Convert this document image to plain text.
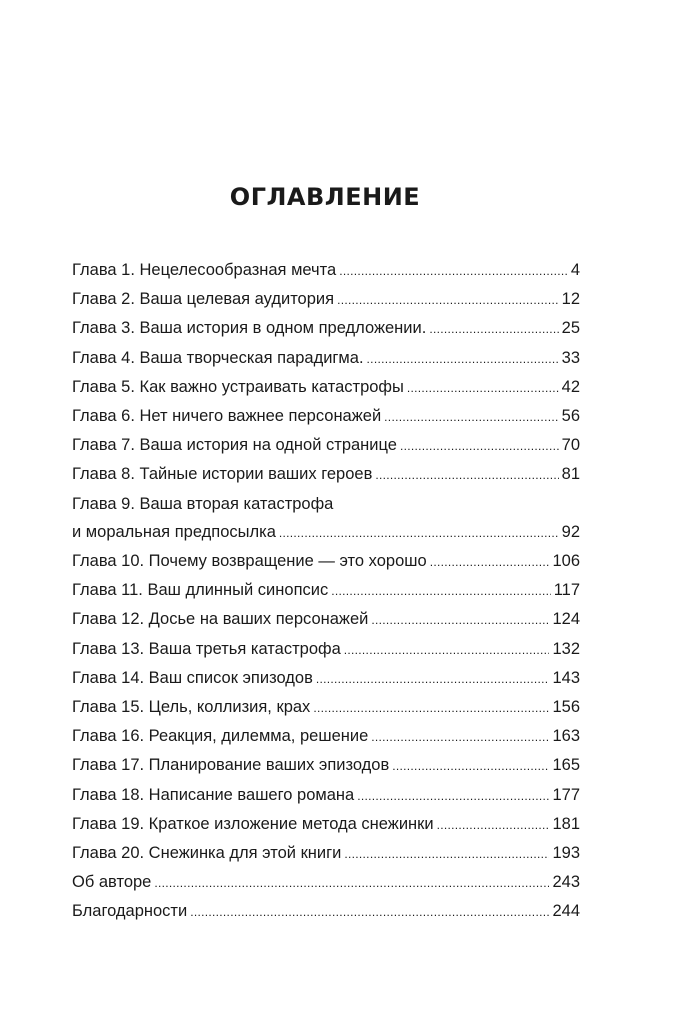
ОГЛАВЛЕНИЕ
Глава 1. Нецелесообразная мечта .....	4
Глава 2. Ваша целевая аудитория .....	12
Глава 3. Ваша история в одном предложении. .....	25
Глава 4. Ваша творческая парадигма. .....	33
Глава 5. Как важно устраивать катастрофы .....	42
Глава 6. Нет ничего важнее персонажей .....	56
Глава 7. Ваша история на одной странице .....	70
Глава 8. Тайные истории ваших героев .....	81
Глава 9. Ваша вторая катастрофа
и моральная предпосылка .....	92
Глава 10. Почему возвращение — это хорошо .....	106
Глава 11. Ваш длинный синопсис .....	117
Глава 12. Досье на ваших персонажей .....	124
Глава 13. Ваша третья катастрофа .....	132
Глава 14. Ваш список эпизодов .....	143
Глава 15. Цель, коллизия, крах .....	156
Глава 16. Реакция, дилемма, решение .....	163
Глава 17. Планирование ваших эпизодов .....	165
Глава 18. Написание вашего романа .....	177
Глава 19. Краткое изложение метода снежинки .....	181
Глава 20. Снежинка для этой книги .....	193
Об авторе .....	243
Благодарности .....	244
